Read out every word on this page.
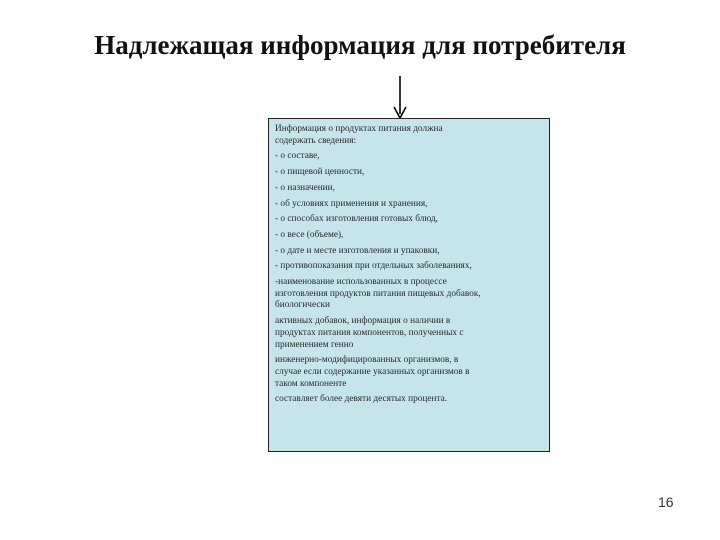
Надлежащая информация для потребителя
Информация о продуктах питания должна
содержать сведения:
- о составе,
- о пищевой ценности,
- о назначении,
- об условиях применения и хранения,
- о способах изготовления готовых блюд,
- о весе (объеме),
- о дате и месте изготовления и упаковки,
- противопоказания при отдельных заболеваниях,
-наименование использованных в процессе
изготовления продуктов питания пищевых добавок,
биологически
активных добавок, информация о наличии в
продуктах питания компонентов, полученных с
применением генно
инженерно-модифицированных организмов, в
случае если содержание указанных организмов в
таком компоненте
составляет более девяти десятых процента.
16
